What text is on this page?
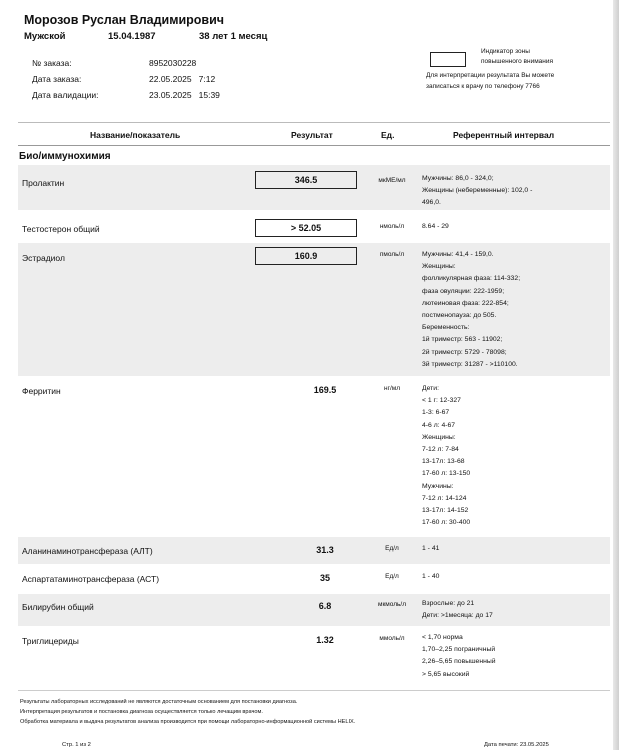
Морозов Руслан Владимирович
Мужской	15.04.1987	38 лет 1 месяц
№ заказа:	8952030228
Дата заказа:	22.05.2025   7:12
Дата валидации:	23.05.2025   15:39
Индикатор зоны
повышенного внимания
Для интерпретации результата Вы можете
записаться к врачу по телефону 7766
Название/показатель	Результат	Ед.	Референтный интервал
Био/иммунохимия
Пролактин	346.5	мкМЕ/мл	Мужчины: 86,0 - 324,0;
Женщины (небеременные): 102,0 -
496,0.
Тестостерон общий	> 52.05	нмоль/л	8.64 - 29
Эстрадиол	160.9	пмоль/л	Мужчины: 41,4 - 159,0.
Женщины:
фолликулярная фаза: 114-332;
фаза овуляции: 222-1959;
лютеиновая фаза: 222-854;
постменопауза: до 505.
Беременность:
1й триместр: 563 - 11902;
2й триместр: 5729 - 78098;
3й триместр: 31287 - >110100.
Ферритин	169.5	нг/мл	Дети:
< 1 г: 12-327
1-3: 6-67
4-6 л: 4-67
Женщины:
7-12 л: 7-84
13-17л: 13-68
17-60 л: 13-150
Мужчины:
7-12 л: 14-124
13-17л: 14-152
17-60 л: 30-400
Аланинаминотрансфераза (АЛТ)	31.3	Ед/л	1 - 41
Аспартатаминотрансфераза (АСТ)	35	Ед/л	1 - 40
Билирубин общий	6.8	мкмоль/л	Взрослые: до 21
Дети: >1месяца: до 17
Триглицериды	1.32	ммоль/л	< 1,70 норма
1,70–2,25 пограничный
2,26–5,65 повышенный
> 5,65 высокий
Результаты лабораторных исследований не являются достаточным основанием для постановки диагноза.
Интерпретация результатов и постановка диагноза осуществляется только лечащим врачом.
Обработка материала и выдача результатов анализа производится при помощи лабораторно-информационной системы HELIX.
Стр. 1 из 2	Дата печати: 23.05.2025
